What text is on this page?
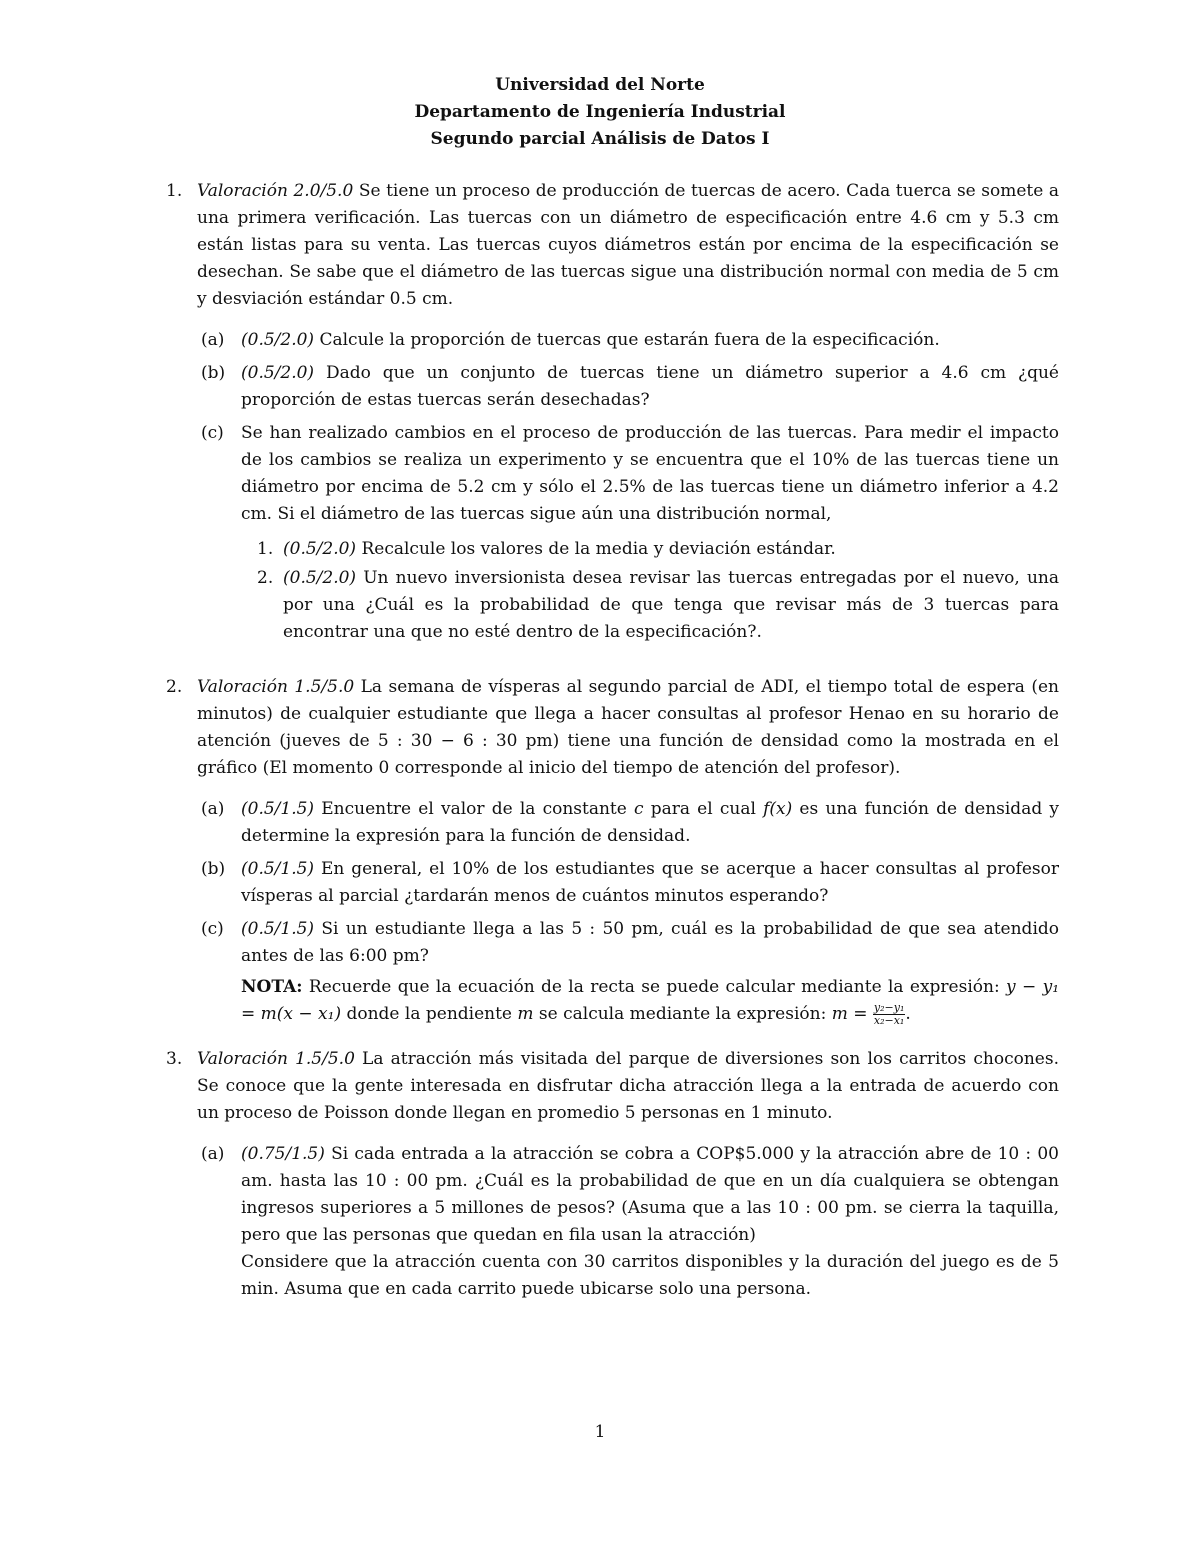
Universidad del Norte
Departamento de Ingeniería Industrial
Segundo parcial Análisis de Datos I
1. Valoración 2.0/5.0 Se tiene un proceso de producción de tuercas de acero. Cada tuerca se somete a una primera verificación. Las tuercas con un diámetro de especificación entre 4.6 cm y 5.3 cm están listas para su venta. Las tuercas cuyos diámetros están por encima de la especificación se desechan. Se sabe que el diámetro de las tuercas sigue una distribución normal con media de 5 cm y desviación estándar 0.5 cm.
(a) (0.5/2.0) Calcule la proporción de tuercas que estarán fuera de la especificación.
(b) (0.5/2.0) Dado que un conjunto de tuercas tiene un diámetro superior a 4.6 cm ¿qué proporción de estas tuercas serán desechadas?
(c) Se han realizado cambios en el proceso de producción de las tuercas. Para medir el impacto de los cambios se realiza un experimento y se encuentra que el 10% de las tuercas tiene un diámetro por encima de 5.2 cm y sólo el 2.5% de las tuercas tiene un diámetro inferior a 4.2 cm. Si el diámetro de las tuercas sigue aún una distribución normal,
1. (0.5/2.0) Recalcule los valores de la media y deviación estándar.
2. (0.5/2.0) Un nuevo inversionista desea revisar las tuercas entregadas por el nuevo, una por una ¿Cuál es la probabilidad de que tenga que revisar más de 3 tuercas para encontrar una que no esté dentro de la especificación?.
2. Valoración 1.5/5.0 La semana de vísperas al segundo parcial de ADI, el tiempo total de espera (en minutos) de cualquier estudiante que llega a hacer consultas al profesor Henao en su horario de atención (jueves de 5 : 30 − 6 : 30 pm) tiene una función de densidad como la mostrada en el gráfico (El momento 0 corresponde al inicio del tiempo de atención del profesor).
(a) (0.5/1.5) Encuentre el valor de la constante c para el cual f(x) es una función de densidad y determine la expresión para la función de densidad.
(b) (0.5/1.5) En general, el 10% de los estudiantes que se acerque a hacer consultas al profesor vísperas al parcial ¿tardarán menos de cuántos minutos esperando?
(c) (0.5/1.5) Si un estudiante llega a las 5 : 50 pm, cuál es la probabilidad de que sea atendido antes de las 6:00 pm?
NOTA: Recuerde que la ecuación de la recta se puede calcular mediante la expresión: y − y₁ = m(x − x₁) donde la pendiente m se calcula mediante la expresión: $m = \frac{\text{y₂−y₁}}{\text{x₂−x₁}}$ .
3. Valoración 1.5/5.0 La atracción más visitada del parque de diversiones son los carritos chocones. Se conoce que la gente interesada en disfrutar dicha atracción llega a la entrada de acuerdo con un proceso de Poisson donde llegan en promedio 5 personas en 1 minuto.
(a) (0.75/1.5) Si cada entrada a la atracción se cobra a COP$5.000 y la atracción abre de 10 : 00 am. hasta las 10 : 00 pm. ¿Cuál es la probabilidad de que en un día cualquiera se obtengan ingresos superiores a 5 millones de pesos? (Asuma que a las 10 : 00 pm. se cierra la taquilla, pero que las personas que quedan en fila usan la atracción)
Considere que la atracción cuenta con 30 carritos disponibles y la duración del juego es de 5 min. Asuma que en cada carrito puede ubicarse solo una persona.
1
